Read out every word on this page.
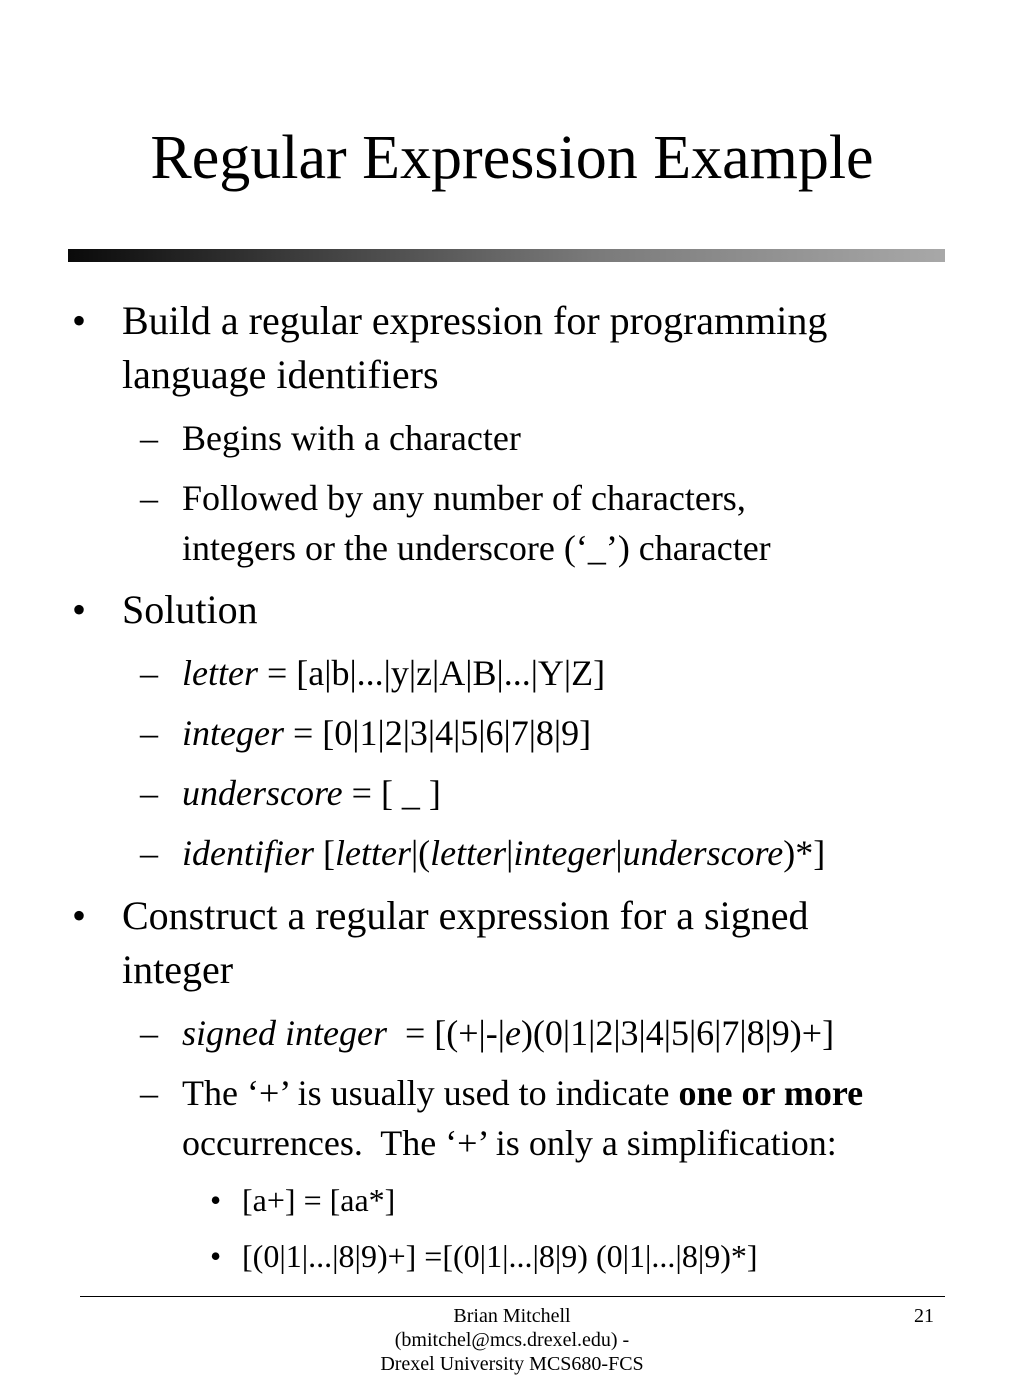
Regular Expression Example
• Build a regular expression for programming
language identifiers
– Begins with a character
– Followed by any number of characters,
integers or the underscore (‘_’) character
• Solution
– letter = [a|b|...|y|z|A|B|...|Y|Z]
– integer = [0|1|2|3|4|5|6|7|8|9]
– underscore = [ _ ]
– identifier [letter|(letter|integer|underscore)*]
• Construct a regular expression for a signed
integer
– signed integer  = [(+|-|e)(0|1|2|3|4|5|6|7|8|9)+]
– The ‘+’ is usually used to indicate one or more
occurrences.  The ‘+’ is only a simplification:
• [a+] = [aa*]
• [(0|1|...|8|9)+] =[(0|1|...|8|9) (0|1|...|8|9)*]
Brian Mitchell
(bmitchel@mcs.drexel.edu) -
Drexel University MCS680-FCS
21
